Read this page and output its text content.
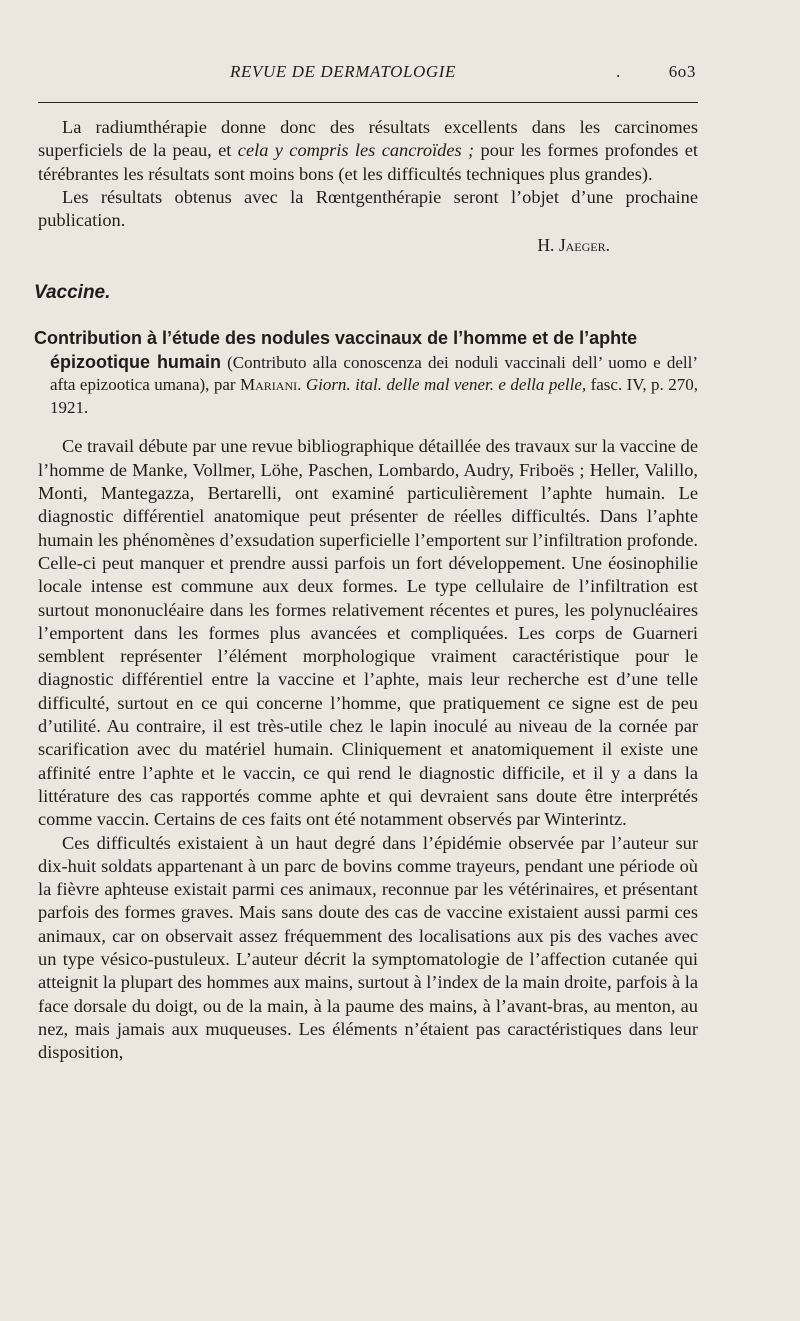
REVUE DE DERMATOLOGIE	.	6o3

La radiumthérapie donne donc des résultats excellents dans les carcinomes superficiels de la peau, et cela y compris les cancroïdes ; pour les formes profondes et térébrantes les résultats sont moins bons (et les difficultés techniques plus grandes).

Les résultats obtenus avec la Rœntgenthérapie seront l’objet d’une prochaine publication.

H. Jaeger.

Vaccine.
Contribution à l’étude des nodules vaccinaux de l’homme et de l’aphte
épizootique humain (Contributo alla conoscenza dei noduli vaccinali dell’ uomo e dell’ afta epizootica umana), par Mariani. Giorn. ital. delle mal vener. e della pelle, fasc. IV, p. 270, 1921.

Ce travail débute par une revue bibliographique détaillée des travaux sur la vaccine de l’homme de Manke, Vollmer, Löhe, Paschen, Lombardo, Audry, Friboës ; Heller, Valillo, Monti, Mantegazza, Bertarelli, ont examiné particulièrement l’aphte humain. Le diagnostic différentiel anatomique peut présenter de réelles difficultés. Dans l’aphte humain les phénomènes d’exsudation superficielle l’emportent sur l’infiltration profonde. Celle-ci peut manquer et prendre aussi parfois un fort développement. Une éosinophilie locale intense est commune aux deux formes. Le type cellulaire de l’infiltration est surtout mononucléaire dans les formes relativement récentes et pures, les polynucléaires l’emportent dans les formes plus avancées et compliquées. Les corps de Guarneri semblent représenter l’élément morphologique vraiment caractéristique pour le diagnostic différentiel entre la vaccine et l’aphte, mais leur recherche est d’une telle difficulté, surtout en ce qui concerne l’homme, que pratiquement ce signe est de peu d’utilité. Au contraire, il est très-utile chez le lapin inoculé au niveau de la cornée par scarification avec du matériel humain. Cliniquement et anatomiquement il existe une affinité entre l’aphte et le vaccin, ce qui rend le diagnostic difficile, et il y a dans la littérature des cas rapportés comme aphte et qui devraient sans doute être interprétés comme vaccin. Certains de ces faits ont été notamment observés par Winterintz.

Ces difficultés existaient à un haut degré dans l’épidémie observée par l’auteur sur dix-huit soldats appartenant à un parc de bovins comme trayeurs, pendant une période où la fièvre aphteuse existait parmi ces animaux, reconnue par les vétérinaires, et présentant parfois des formes graves. Mais sans doute des cas de vaccine existaient aussi parmi ces animaux, car on observait assez fréquemment des localisations aux pis des vaches avec un type vésico-pustuleux. L’auteur décrit la symptomatologie de l’affection cutanée qui atteignit la plupart des hommes aux mains, surtout à l’index de la main droite, parfois à la face dorsale du doigt, ou de la main, à la paume des mains, à l’avant-bras, au menton, au nez, mais jamais aux muqueuses. Les éléments n’étaient pas caractéristiques dans leur disposition,
